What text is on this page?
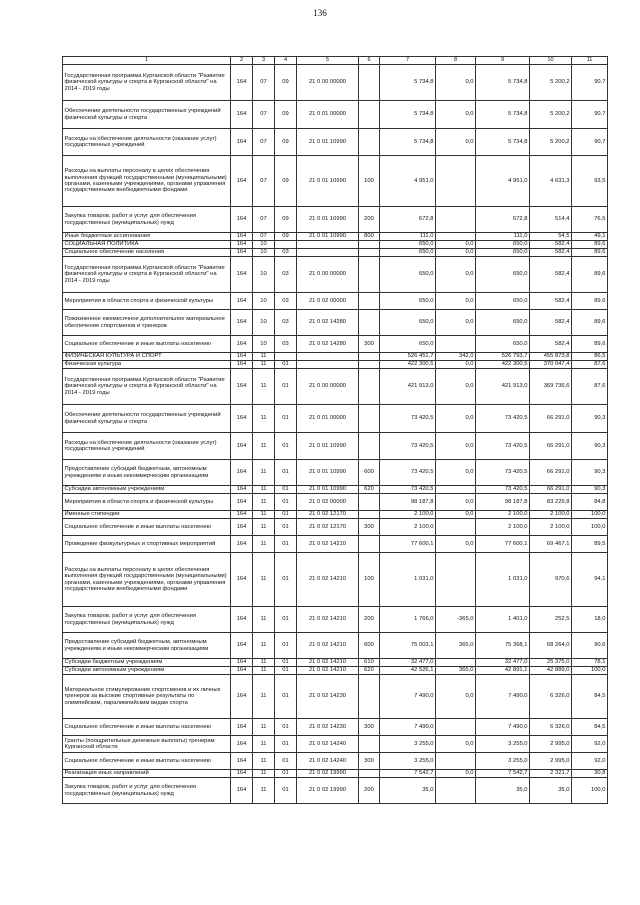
136
1	2	3	4	5	6	7	8	9	10	11
Государственная программа Курганской области "Развитие физической культуры и спорта в Курганской области" на 2014 - 2019 годы	164	07	09	21 0 00 00000		5 734,8	0,0	5 734,8	5 200,2	90,7
Обеспечение деятельности государственных учреждений физической культуры и спорта	164	07	09	21 0 01 00000		5 734,8	0,0	5 734,8	5 200,2	90,7
Расходы на обеспечение деятельности (оказание услуг) государственных учреждений	164	07	09	21 0 01 10990		5 734,8	0,0	5 734,8	5 200,2	90,7
Расходы на выплаты персоналу в целях обеспечения выполнения функций государственными (муниципальными) органами, казенными учреждениями, органами управления государственными внебюджетными фондами	164	07	09	21 0 01 10990	100	4 951,0		4 951,0	4 631,3	93,5
Закупка товаров, работ и услуг для обеспечения государственных (муниципальных) нужд	164	07	09	21 0 01 10990	200	672,8		672,8	514,4	76,5
Иные бюджетные ассигнования	164	07	09	21 0 01 10990	800	111,0		111,0	54,5	49,1
СОЦИАЛЬНАЯ ПОЛИТИКА	164	10				650,0	0,0	650,0	582,4	89,6
Социальное обеспечение населения	164	10	03			650,0	0,0	650,0	582,4	89,6
Государственная программа Курганской области "Развитие физической культуры и спорта в Курганской области" на 2014 - 2019 годы	164	10	03	21 0 00 00000		650,0	0,0	650,0	582,4	89,6
Мероприятия в области спорта и физической культуры	164	10	03	21 0 02 00000		650,0	0,0	650,0	582,4	89,6
Пожизненное ежемесячное дополнительное материальное обеспечение спортсменов и тренеров	164	10	03	21 0 02 14280		650,0	0,0	650,0	582,4	89,6
Социальное обеспечение и иные выплаты населению	164	10	03	21 0 02 14280	300	650,0		650,0	582,4	89,6
ФИЗИЧЕСКАЯ КУЛЬТУРА И СПОРТ	164	11				526 451,7	342,0	526 793,7	455 873,8	86,5
Физическая культура	164	11	01			422 300,5	0,0	422 300,5	370 047,4	87,6
Государственная программа Курганской области "Развитие физической культуры и спорта в Курганской области" на 2014 - 2019 годы	164	11	01	21 0 00 00000		421 913,0	0,0	421 913,0	369 736,6	87,6
Обеспечение деятельности государственных учреждений физической культуры и спорта	164	11	01	21 0 01 00000		73 420,5	0,0	73 420,5	66 291,0	90,3
Расходы на обеспечение деятельности (оказание услуг) государственных учреждений	164	11	01	21 0 01 10990		73 420,5	0,0	73 420,5	66 291,0	90,3
Предоставление субсидий бюджетным, автономным учреждениям и иным некоммерческим организациям	164	11	01	21 0 01 10990	600	73 420,5	0,0	73 420,5	66 291,0	90,3
Субсидии автономным учреждениям	164	11	01	21 0 01 10990	620	73 420,5		73 420,5	66 291,0	90,3
Мероприятия в области спорта и физической культуры	164	11	01	21 0 02 00000		98 187,8	0,0	98 187,8	83 229,8	84,8
Именные стипендии	164	11	01	21 0 02 12170		2 100,0	0,0	2 100,0	2 100,0	100,0
Социальное обеспечение и иные выплаты населению	164	11	01	21 0 02 12170	300	2 100,0		2 100,0	2 100,0	100,0
Проведение физкультурных и спортивных мероприятий	164	11	01	21 0 02 14210		77 600,1	0,0	77 600,1	69 467,1	89,5
Расходы на выплаты персоналу в целях обеспечения выполнения функций государственными (муниципальными) органами, казенными учреждениями, органами управления государственными внебюджетными фондами	164	11	01	21 0 02 14210	100	1 031,0		1 031,0	970,6	94,1
Закупка товаров, работ и услуг для обеспечения государственных (муниципальных) нужд	164	11	01	21 0 02 14210	200	1 766,0	-365,0	1 401,0	252,5	18,0
Предоставление субсидий бюджетным, автономным учреждениям и иным некоммерческим организациям	164	11	01	21 0 02 14210	600	75 003,1	365,0	75 368,1	68 264,0	90,6
Субсидии бюджетным учреждениям	164	11	01	21 0 02 14210	610	32 477,0		32 477,0	25 375,0	78,1
Субсидии автономным учреждениям	164	11	01	21 0 02 14210	620	42 526,1	365,0	42 891,1	42 889,0	100,0
Материальное стимулирование спортсменов и их личных тренеров за высокие спортивные результаты по олимпийским, паралимпийским видам спорта	164	11	01	21 0 02 14230		7 490,0	0,0	7 490,0	6 326,0	84,5
Социальное обеспечение и иные выплаты населению	164	11	01	21 0 02 14230	300	7 490,0		7 490,0	6 326,0	84,5
Гранты (поощрительные денежные выплаты) тренерам Курганской области	164	11	01	21 0 02 14240		3 255,0	0,0	3 255,0	2 995,0	92,0
Социальное обеспечение и иные выплаты населению	164	11	01	21 0 02 14240	300	3 255,0		3 255,0	2 995,0	92,0
Реализация иных направлений	164	11	01	21 0 02 19990		7 542,7	0,0	7 542,7	2 321,7	30,8
Закупка товаров, работ и услуг для обеспечения государственных (муниципальных) нужд	164	11	01	21 0 02 19990	200	35,0		35,0	35,0	100,0
